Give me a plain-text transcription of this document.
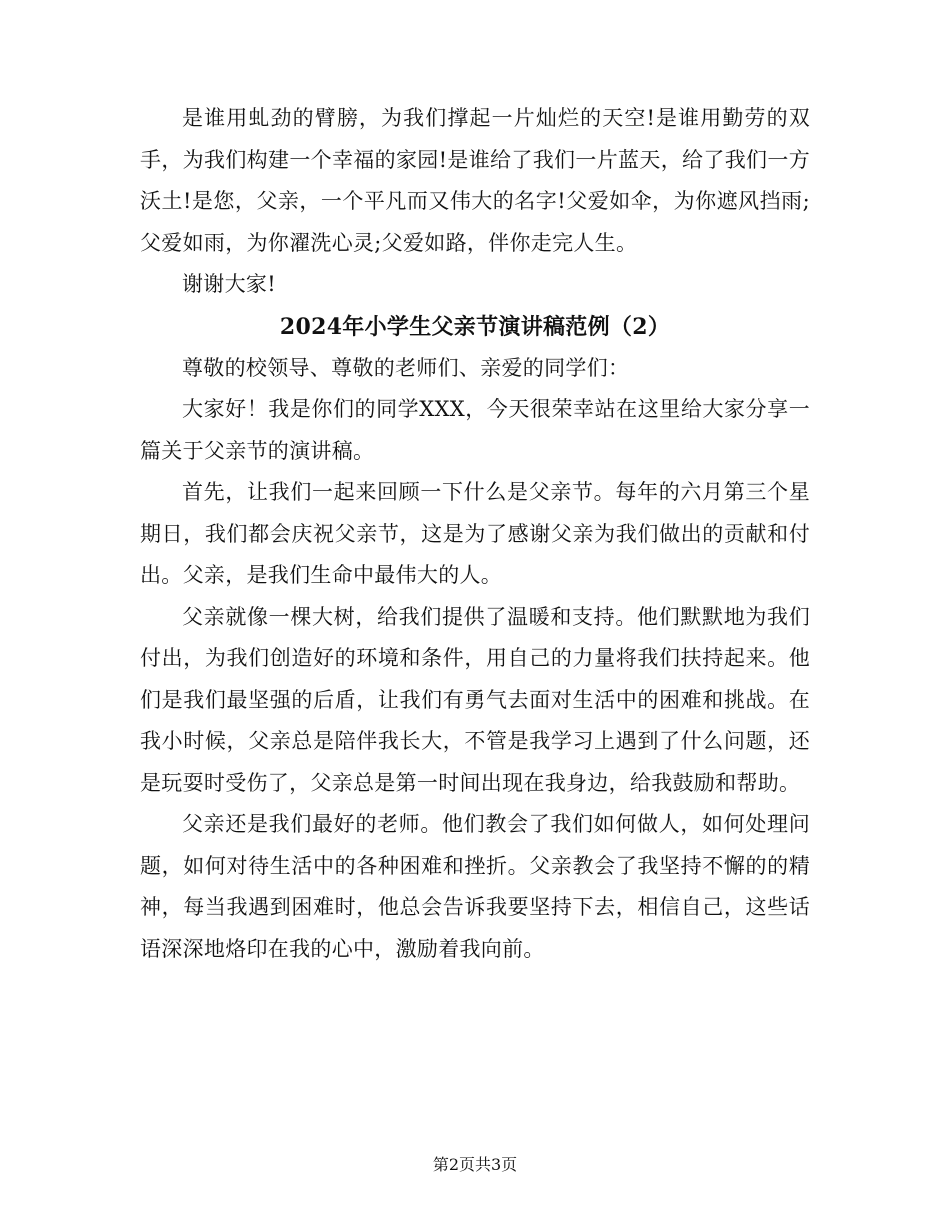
是谁用虬劲的臂膀，为我们撑起一片灿烂的天空!是谁用勤劳的双手，为我们构建一个幸福的家园!是谁给了我们一片蓝天，给了我们一方沃土!是您，父亲，一个平凡而又伟大的名字!父爱如伞，为你遮风挡雨;父爱如雨，为你濯洗心灵;父爱如路，伴你走完人生。

谢谢大家!

2024年小学生父亲节演讲稿范例（2）

尊敬的校领导、尊敬的老师们、亲爱的同学们：

大家好！我是你们的同学XXX，今天很荣幸站在这里给大家分享一篇关于父亲节的演讲稿。

首先，让我们一起来回顾一下什么是父亲节。每年的六月第三个星期日，我们都会庆祝父亲节，这是为了感谢父亲为我们做出的贡献和付出。父亲，是我们生命中最伟大的人。

父亲就像一棵大树，给我们提供了温暖和支持。他们默默地为我们付出，为我们创造好的环境和条件，用自己的力量将我们扶持起来。他们是我们最坚强的后盾，让我们有勇气去面对生活中的困难和挑战。在我小时候，父亲总是陪伴我长大，不管是我学习上遇到了什么问题，还是玩耍时受伤了，父亲总是第一时间出现在我身边，给我鼓励和帮助。

父亲还是我们最好的老师。他们教会了我们如何做人，如何处理问题，如何对待生活中的各种困难和挫折。父亲教会了我坚持不懈的的精神，每当我遇到困难时，他总会告诉我要坚持下去，相信自己，这些话语深深地烙印在我的心中，激励着我向前。

第2页共3页
